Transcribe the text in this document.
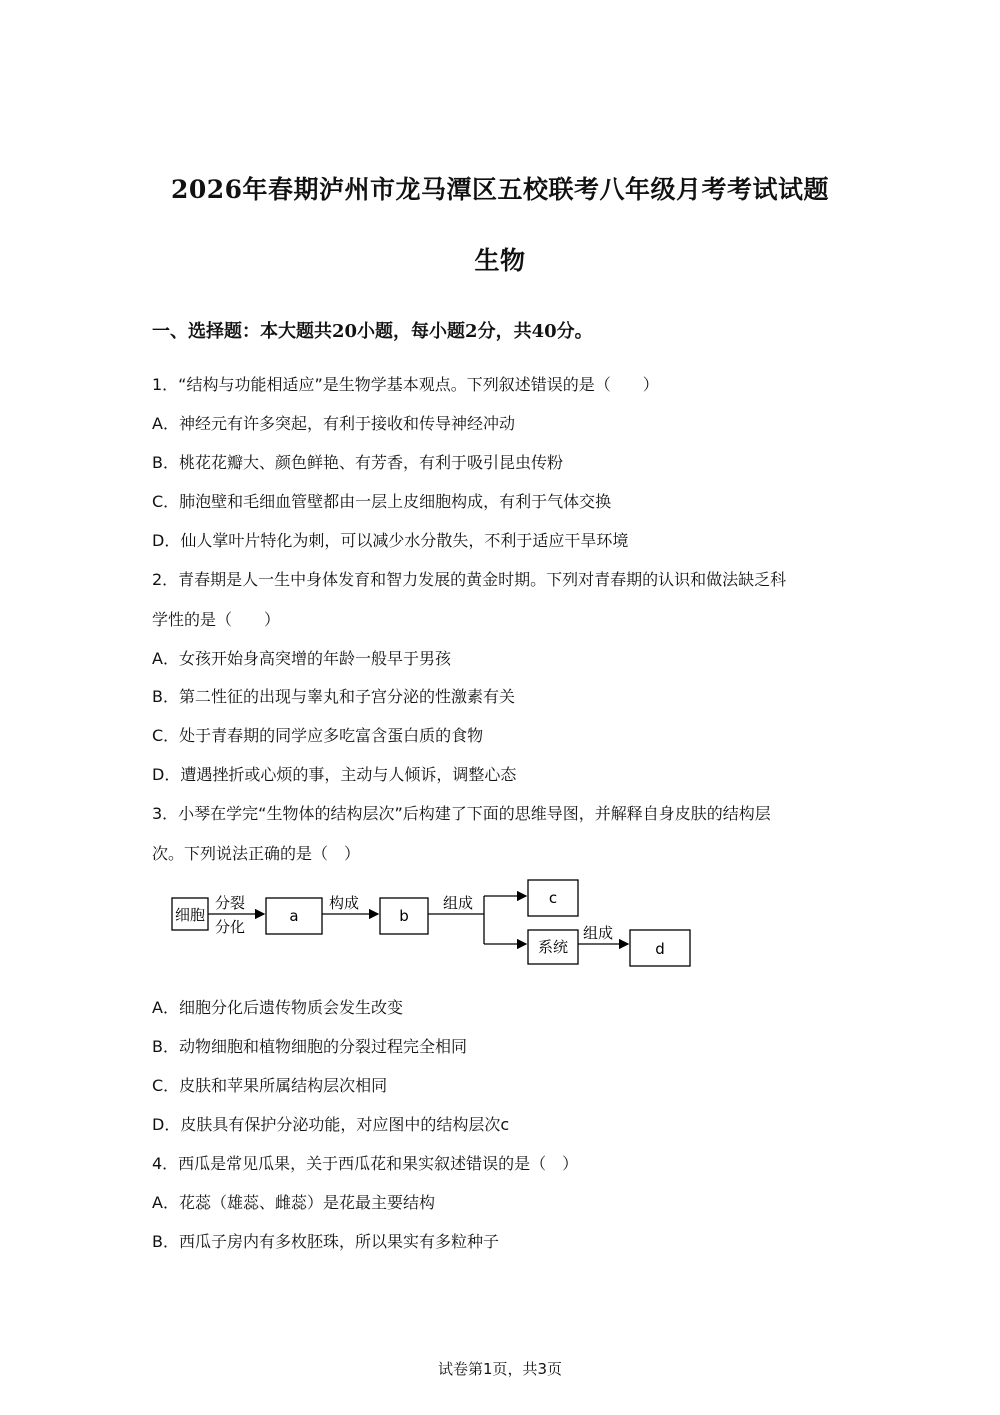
2026年春期泸州市龙马潭区五校联考八年级月考考试试题
生物
一、选择题：本大题共20小题，每小题2分，共40分。
1．“结构与功能相适应”是生物学基本观点。下列叙述错误的是（　　）
A．神经元有许多突起，有利于接收和传导神经冲动
B．桃花花瓣大、颜色鲜艳、有芳香，有利于吸引昆虫传粉
C．肺泡壁和毛细血管壁都由一层上皮细胞构成，有利于气体交换
D．仙人掌叶片特化为刺，可以减少水分散失，不利于适应干旱环境
2．青春期是人一生中身体发育和智力发展的黄金时期。下列对青春期的认识和做法缺乏科
学性的是（　　）
A．女孩开始身高突增的年龄一般早于男孩
B．第二性征的出现与睾丸和子宫分泌的性激素有关
C．处于青春期的同学应多吃富含蛋白质的食物
D．遭遇挫折或心烦的事，主动与人倾诉，调整心态
3．小琴在学完“生物体的结构层次”后构建了下面的思维导图，并解释自身皮肤的结构层
次。下列说法正确的是（　）
细胞
分裂
分化
a
构成
b
组成	c
系统
组成
d
A．细胞分化后遗传物质会发生改变
B．动物细胞和植物细胞的分裂过程完全相同
C．皮肤和苹果所属结构层次相同
D．皮肤具有保护分泌功能，对应图中的结构层次c
4．西瓜是常见瓜果，关于西瓜花和果实叙述错误的是（　）
A．花蕊（雄蕊、雌蕊）是花最主要结构
B．西瓜子房内有多枚胚珠，所以果实有多粒种子
试卷第1页，共3页
